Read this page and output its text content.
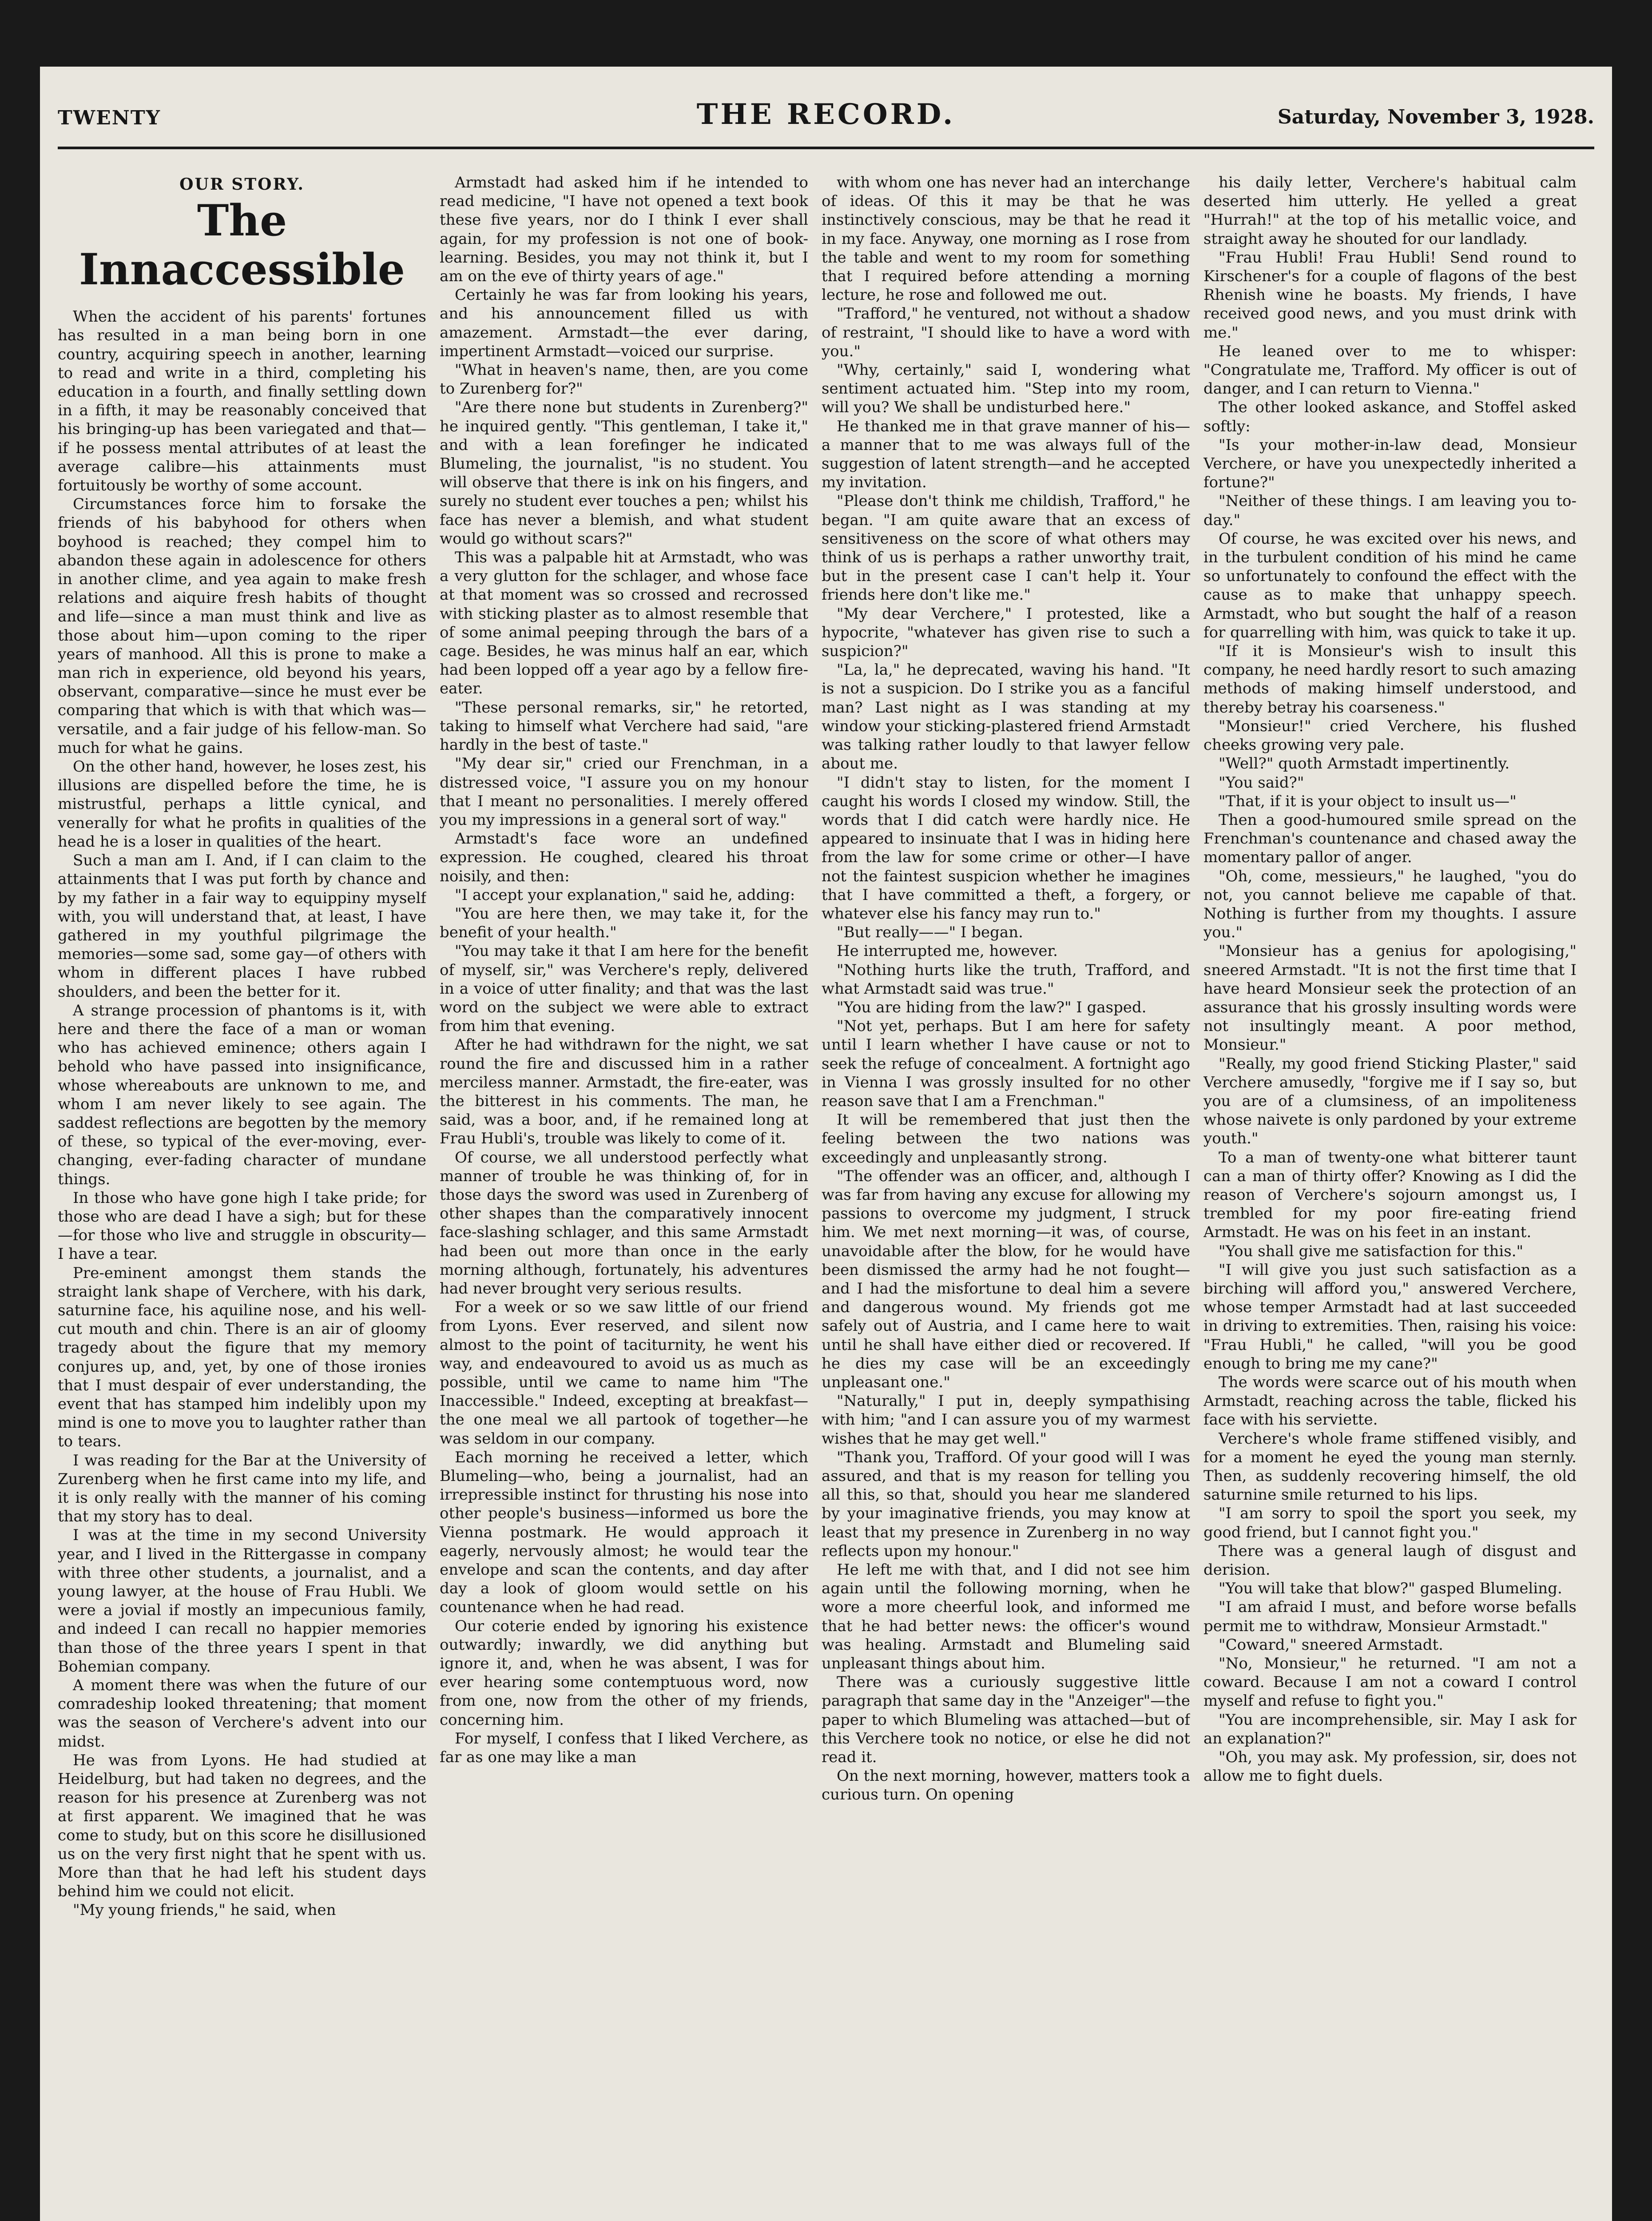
TWENTY	THE RECORD.	Saturday, November 3, 1928.
OUR STORY.
The Innaccessible

When the accident of his parents' fortunes has resulted in a man being born in one country, acquiring speech in another, learning to read and write in a third, completing his education in a fourth, and finally settling down in a fifth, it may be reasonably conceived that his bringing-up has been variegated and that—if he possess mental attributes of at least the average calibre—his attainments must fortuitously be worthy of some account.

Circumstances force him to forsake the friends of his babyhood for others when boyhood is reached; they compel him to abandon these again in adolescence for others in another clime, and yea again to make fresh relations and aiquire fresh habits of thought and life—since a man must think and live as those about him—upon coming to the riper years of manhood. All this is prone to make a man rich in experience, old beyond his years, observant, comparative—since he must ever be comparing that which is with that which was—versatile, and a fair judge of his fellow-man. So much for what he gains.

On the other hand, however, he loses zest, his illusions are dispelled before the time, he is mistrustful, perhaps a little cynical, and venerally for what he profits in qualities of the head he is a loser in qualities of the heart.

Such a man am I. And, if I can claim to the attainments that I was put forth by chance and by my father in a fair way to equippiny myself with, you will understand that, at least, I have gathered in my youthful pilgrimage the memories—some sad, some gay—of others with whom in different places I have rubbed shoulders, and been the better for it.

A strange procession of phantoms is it, with here and there the face of a man or woman who has achieved eminence; others again I behold who have passed into insignificance, whose whereabouts are unknown to me, and whom I am never likely to see again. The saddest reflections are begotten by the memory of these, so typical of the ever-moving, ever-changing, ever-fading character of mundane things.

In those who have gone high I take pride; for those who are dead I have a sigh; but for these—for those who live and struggle in obscurity—I have a tear.

Pre-eminent amongst them stands the straight lank shape of Verchere, with his dark, saturnine face, his aquiline nose, and his well-cut mouth and chin. There is an air of gloomy tragedy about the figure that my memory conjures up, and, yet, by one of those ironies that I must despair of ever understanding, the event that has stamped him indelibly upon my mind is one to move you to laughter rather than to tears.

I was reading for the Bar at the University of Zurenberg when he first came into my life, and it is only really with the manner of his coming that my story has to deal.

I was at the time in my second University year, and I lived in the Rittergasse in company with three other students, a journalist, and a young lawyer, at the house of Frau Hubli. We were a jovial if mostly an impecunious family, and indeed I can recall no happier memories than those of the three years I spent in that Bohemian company.

A moment there was when the future of our comradeship looked threatening; that moment was the season of Verchere's advent into our midst.

He was from Lyons. He had studied at Heidelburg, but had taken no degrees, and the reason for his presence at Zurenberg was not at first apparent. We imagined that he was come to study, but on this score he disillusioned us on the very first night that he spent with us. More than that he had left his student days behind him we could not elicit.

"My young friends," he said, when

Armstadt had asked him if he intended to read medicine, "I have not opened a text book these five years, nor do I think I ever shall again, for my profession is not one of book-learning. Besides, you may not think it, but I am on the eve of thirty years of age."

Certainly he was far from looking his years, and his announcement filled us with amazement. Armstadt—the ever daring, impertinent Armstadt—voiced our surprise.

"What in heaven's name, then, are you come to Zurenberg for?"

"Are there none but students in Zurenberg?" he inquired gently. "This gentleman, I take it," and with a lean forefinger he indicated Blumeling, the journalist, "is no student. You will observe that there is ink on his fingers, and surely no student ever touches a pen; whilst his face has never a blemish, and what student would go without scars?"

This was a palpable hit at Armstadt, who was a very glutton for the schlager, and whose face at that moment was so crossed and recrossed with sticking plaster as to almost resemble that of some animal peeping through the bars of a cage. Besides, he was minus half an ear, which had been lopped off a year ago by a fellow fire-eater.

"These personal remarks, sir," he retorted, taking to himself what Verchere had said, "are hardly in the best of taste."

"My dear sir," cried our Frenchman, in a distressed voice, "I assure you on my honour that I meant no personalities. I merely offered you my impressions in a general sort of way."

Armstadt's face wore an undefined expression. He coughed, cleared his throat noisily, and then:

"I accept your explanation," said he, adding:

"You are here then, we may take it, for the benefit of your health."

"You may take it that I am here for the benefit of myself, sir," was Verchere's reply, delivered in a voice of utter finality; and that was the last word on the subject we were able to extract from him that evening.

After he had withdrawn for the night, we sat round the fire and discussed him in a rather merciless manner. Armstadt, the fire-eater, was the bitterest in his comments. The man, he said, was a boor, and, if he remained long at Frau Hubli's, trouble was likely to come of it.

Of course, we all understood perfectly what manner of trouble he was thinking of, for in those days the sword was used in Zurenberg of other shapes than the comparatively innocent face-slashing schlager, and this same Armstadt had been out more than once in the early morning although, fortunately, his adventures had never brought very serious results.

For a week or so we saw little of our friend from Lyons. Ever reserved, and silent now almost to the point of taciturnity, he went his way, and endeavoured to avoid us as much as possible, until we came to name him "The Inaccessible." Indeed, excepting at breakfast—the one meal we all partook of together—he was seldom in our company.

Each morning he received a letter, which Blumeling—who, being a journalist, had an irrepressible instinct for thrusting his nose into other people's business—informed us bore the Vienna postmark. He would approach it eagerly, nervously almost; he would tear the envelope and scan the contents, and day after day a look of gloom would settle on his countenance when he had read.

Our coterie ended by ignoring his existence outwardly; inwardly, we did anything but ignore it, and, when he was absent, I was for ever hearing some contemptuous word, now from one, now from the other of my friends, concerning him.

For myself, I confess that I liked Verchere, as far as one may like a man

with whom one has never had an interchange of ideas. Of this it may be that he was instinctively conscious, may be that he read it in my face. Anyway, one morning as I rose from the table and went to my room for something that I required before attending a morning lecture, he rose and followed me out.

"Trafford," he ventured, not without a shadow of restraint, "I should like to have a word with you."

"Why, certainly," said I, wondering what sentiment actuated him. "Step into my room, will you? We shall be undisturbed here."

He thanked me in that grave manner of his—a manner that to me was always full of the suggestion of latent strength—and he accepted my invitation.

"Please don't think me childish, Trafford," he began. "I am quite aware that an excess of sensitiveness on the score of what others may think of us is perhaps a rather unworthy trait, but in the present case I can't help it. Your friends here don't like me."

"My dear Verchere," I protested, like a hypocrite, "whatever has given rise to such a suspicion?"

"La, la," he deprecated, waving his hand. "It is not a suspicion. Do I strike you as a fanciful man? Last night as I was standing at my window your sticking-plastered friend Armstadt was talking rather loudly to that lawyer fellow about me.

"I didn't stay to listen, for the moment I caught his words I closed my window. Still, the words that I did catch were hardly nice. He appeared to insinuate that I was in hiding here from the law for some crime or other—I have not the faintest suspicion whether he imagines that I have committed a theft, a forgery, or whatever else his fancy may run to."

"But really——" I began.

He interrupted me, however.

"Nothing hurts like the truth, Trafford, and what Armstadt said was true."

"You are hiding from the law?" I gasped.

"Not yet, perhaps. But I am here for safety until I learn whether I have cause or not to seek the refuge of concealment. A fortnight ago in Vienna I was grossly insulted for no other reason save that I am a Frenchman."

It will be remembered that just then the feeling between the two nations was exceedingly and unpleasantly strong.

"The offender was an officer, and, although I was far from having any excuse for allowing my passions to overcome my judgment, I struck him. We met next morning—it was, of course, unavoidable after the blow, for he would have been dismissed the army had he not fought—and I had the misfortune to deal him a severe and dangerous wound. My friends got me safely out of Austria, and I came here to wait until he shall have either died or recovered. If he dies my case will be an exceedingly unpleasant one."

"Naturally," I put in, deeply sympathising with him; "and I can assure you of my warmest wishes that he may get well."

"Thank you, Trafford. Of your good will I was assured, and that is my reason for telling you all this, so that, should you hear me slandered by your imaginative friends, you may know at least that my presence in Zurenberg in no way reflects upon my honour."

He left me with that, and I did not see him again until the following morning, when he wore a more cheerful look, and informed me that he had better news: the officer's wound was healing. Armstadt and Blumeling said unpleasant things about him.

There was a curiously suggestive little paragraph that same day in the "Anzeiger"—the paper to which Blumeling was attached—but of this Verchere took no notice, or else he did not read it.

On the next morning, however, matters took a curious turn. On opening

his daily letter, Verchere's habitual calm deserted him utterly. He yelled a great "Hurrah!" at the top of his metallic voice, and straight away he shouted for our landlady.

"Frau Hubli! Frau Hubli! Send round to Kirschener's for a couple of flagons of the best Rhenish wine he boasts. My friends, I have received good news, and you must drink with me."

He leaned over to me to whisper: "Congratulate me, Trafford. My officer is out of danger, and I can return to Vienna."

The other looked askance, and Stoffel asked softly:

"Is your mother-in-law dead, Monsieur Verchere, or have you unexpectedly inherited a fortune?"

"Neither of these things. I am leaving you to-day."

Of course, he was excited over his news, and in the turbulent condition of his mind he came so unfortunately to confound the effect with the cause as to make that unhappy speech. Armstadt, who but sought the half of a reason for quarrelling with him, was quick to take it up.

"If it is Monsieur's wish to insult this company, he need hardly resort to such amazing methods of making himself understood, and thereby betray his coarseness."

"Monsieur!" cried Verchere, his flushed cheeks growing very pale.

"Well?" quoth Armstadt impertinently.

"You said?"

"That, if it is your object to insult us—"

Then a good-humoured smile spread on the Frenchman's countenance and chased away the momentary pallor of anger.

"Oh, come, messieurs," he laughed, "you do not, you cannot believe me capable of that. Nothing is further from my thoughts. I assure you."

"Monsieur has a genius for apologising," sneered Armstadt. "It is not the first time that I have heard Monsieur seek the protection of an assurance that his grossly insulting words were not insultingly meant. A poor method, Monsieur."

"Really, my good friend Sticking Plaster," said Verchere amusedly, "forgive me if I say so, but you are of a clumsiness, of an impoliteness whose naivete is only pardoned by your extreme youth."

To a man of twenty-one what bitterer taunt can a man of thirty offer? Knowing as I did the reason of Verchere's sojourn amongst us, I trembled for my poor fire-eating friend Armstadt. He was on his feet in an instant.

"You shall give me satisfaction for this."

"I will give you just such satisfaction as a birching will afford you," answered Verchere, whose temper Armstadt had at last succeeded in driving to extremities. Then, raising his voice: "Frau Hubli," he called, "will you be good enough to bring me my cane?"

The words were scarce out of his mouth when Armstadt, reaching across the table, flicked his face with his serviette.

Verchere's whole frame stiffened visibly, and for a moment he eyed the young man sternly. Then, as suddenly recovering himself, the old saturnine smile returned to his lips.

"I am sorry to spoil the sport you seek, my good friend, but I cannot fight you."

There was a general laugh of disgust and derision.

"You will take that blow?" gasped Blumeling.

"I am afraid I must, and before worse befalls permit me to withdraw, Monsieur Armstadt."

"Coward," sneered Armstadt.

"No, Monsieur," he returned. "I am not a coward. Because I am not a coward I control myself and refuse to fight you."

"You are incomprehensible, sir. May I ask for an explanation?"

"Oh, you may ask. My profession, sir, does not allow me to fight duels.
